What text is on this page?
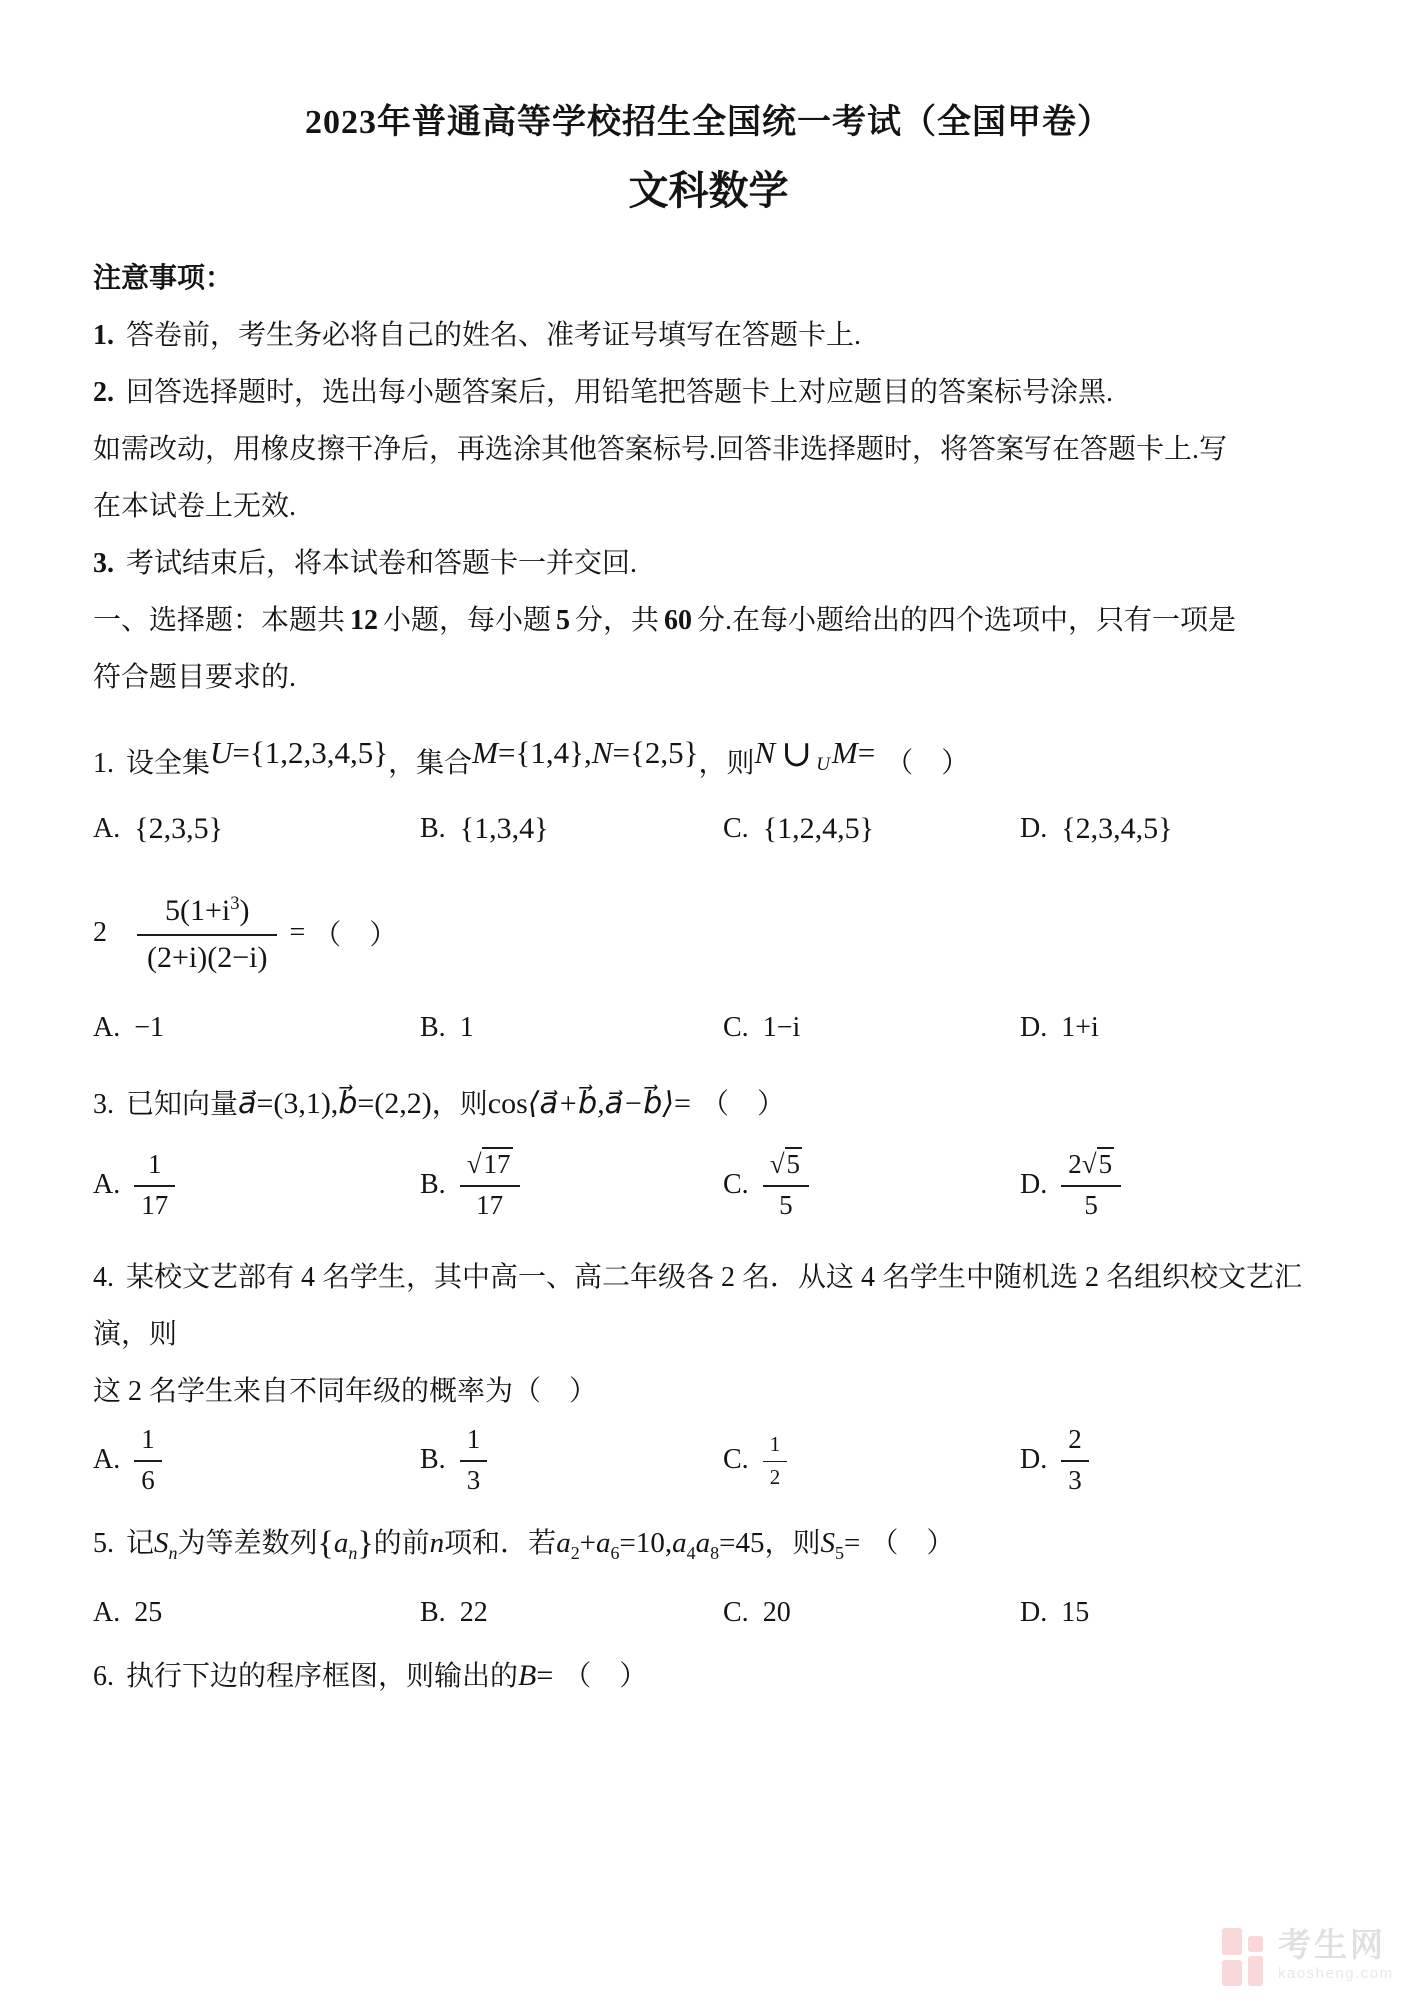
2023年普通高等学校招生全国统一考试（全国甲卷）
文科数学

注意事项：

1. 答卷前，考生务必将自己的姓名、准考证号填写在答题卡上.

2. 回答选择题时，选出每小题答案后，用铅笔把答题卡上对应题目的答案标号涂黑.

如需改动，用橡皮擦干净后，再选涂其他答案标号.回答非选择题时，将答案写在答题卡上.写

在本试卷上无效.

3. 考试结束后，将本试卷和答题卡一并交回.

一、选择题：本题共 12 小题，每小题 5 分，共 60 分.在每小题给出的四个选项中，只有一项是

符合题目要求的.

1. 设全集U={1,2,3,4,5}，集合M={1,4},N={2,5}，则N ∪ $_U$M= （　）

A. {2,3,5}	B. {1,3,4}	C. {1,2,4,5}	D. {2,3,4,5}
2	$\frac{5(1+i^3)}{(2+i)(2-i)}$ = （　）
A. −1	B. 1	C. 1−i	D. 1+i

3. 已知向量a⃗=(3,1),b⃗=(2,2)，则cos⟨a⃗+b⃗,a⃗−b⃗⟩= （　）

A. $\frac{1}{17}$	B. $\frac{√17}{17}$	C. $\frac{√5}{5}$	D. $\frac{2√5}{5}$

4. 某校文艺部有 4 名学生，其中高一、高二年级各 2 名．从这 4 名学生中随机选 2 名组织校文艺汇演，则

这 2 名学生来自不同年级的概率为（　）

A. $\frac{1}{6}$	B. $\frac{1}{3}$	C. $\frac{1}{2}$	D. $\frac{2}{3}$

5. 记$S_n$为等差数列$\{a_n\}$的前n项和．若$a_2+a_6=10,a_4a_8=45$，则$S_5=$ （　）

A. 25	B. 22	C. 20	D. 15

6. 执行下边的程序框图，则输出的B= （　）

考生网
kaosheng.com
